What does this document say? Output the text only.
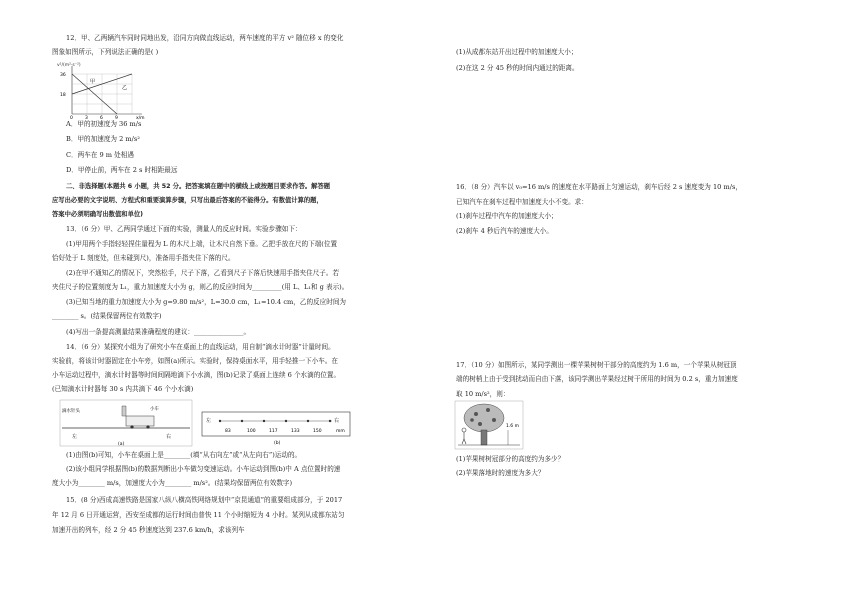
12．甲、乙两辆汽车同时同地出发，沿同方向做直线运动，两车速度的平方 v² 随位移 x 的变化
图象如图所示，下列说法正确的是( )
v²/(m²·s⁻²)
36
18
0	3	6	9	x/m
甲
乙
A．甲的初速度为 36 m/s
B．甲的加速度为 2 m/s²
C．两车在 9 m 处相遇
D．甲停止前，两车在 2 s 时相距最远
二、非选择题(本题共 6 小题，共 52 分。把答案填在题中的横线上或按题目要求作答。解答题
应写出必要的文字说明、方程式和重要演算步骤，只写出最后答案的不能得分。有数值计算的题，
答案中必须明确写出数值和单位)
13．（6 分）甲、乙两同学通过下面的实验，测量人的反应时间。实验步骤如下：
(1)甲用两个手指轻轻捏住量程为 L 的木尺上端，让木尺自然下垂。乙把手放在尺的下端(位置
恰好处于 L 刻度处，但未碰到尺)，准备用手指夹住下落的尺。
(2)在甲不通知乙的情况下，突然松手，尺子下落，乙看到尺子下落后快速用手指夹住尺子。若
夹住尺子的位置刻度为 L₁，重力加速度大小为 g，则乙的反应时间为_________(用 L、L₁和 g 表示)。
(3)已知当地的重力加速度大小为 g=9.80 m/s²，L=30.0 cm，L₁=10.4 cm，乙的反应时间为
________ s。(结果保留两位有效数字)
(4)写出一条提高测量结果准确程度的建议：_______________。
14．（6 分）某探究小组为了研究小车在桌面上的直线运动，用自制“滴水计时器”计量时间。
实验前，将该计时器固定在小车旁，如图(a)所示。实验时，保持桌面水平，用手轻推一下小车。在
小车运动过程中，滴水计时器等时间间隔地滴下小水滴，图(b)记录了桌面上连续 6 个水滴的位置。
(已知滴水计时器每 30 s 内共滴下 46 个小水滴)
滴水针头	小车
左	右
(a)
左	右
83	100	117	133	150	mm
(b)
(1)由图(b)可知，小车在桌面上是________(填“从右向左”或“从左向右”)运动的。
(2)该小组同学根据图(b)的数据判断出小车做匀变速运动。小车运动到图(b)中 A 点位置时的速
度大小为________ m/s，加速度大小为________ m/s²。(结果均保留两位有效数字)
15．(8 分)西成高速铁路是国家八纵八横高铁网络规划中“京昆通道”的重要组成部分，于 2017
年 12 月 6 日开通运营，西安至成都的运行时间由普快 11 个小时缩短为 4 小时。某列从成都东站匀
加速开出的列车，经 2 分 45 秒速度达到 237.6 km/h，求该列车
(1)从成都东站开出过程中的加速度大小；
(2)在这 2 分 45 秒的时间内通过的距离。
16．（8 分）汽车以 v₀=16 m/s 的速度在水平路面上匀速运动，刹车后经 2 s 速度变为 10 m/s，
已知汽车在刹车过程中加速度大小不变。求：
(1)刹车过程中汽车的加速度大小；
(2)刹车 4 秒后汽车的速度大小。
17．（10 分）如图所示，某同学测出一棵苹果树树干部分的高度约为 1.6 m，一个苹果从树冠顶
端的树梢上由于受到扰动而自由下落，该同学测出苹果经过树干所用的时间为 0.2 s，重力加速度
取 10 m/s²，则：
1.6 m
(1)苹果树树冠部分的高度约为多少？
(2)苹果落地时的速度为多大？
